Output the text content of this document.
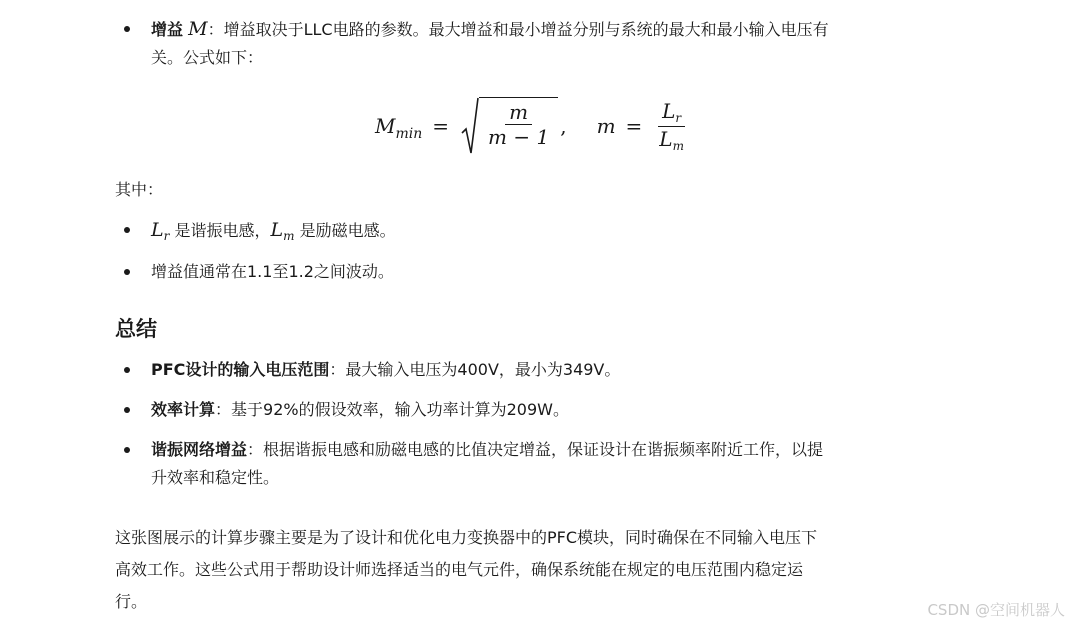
增益 M：增益取决于LLC电路的参数。最大增益和最小增益分别与系统的最大和最小输入电压有
关。公式如下：
$M_{min} = \frac{m}{m - 1}$ , $m = \frac{L_r}{L_m}$
其中：
$L_r$ 是谐振电感，$L_m$ 是励磁电感。
增益值通常在1.1至1.2之间波动。
总结
PFC设计的输入电压范围：最大输入电压为400V，最小为349V。
效率计算：基于92%的假设效率，输入功率计算为209W。
谐振网络增益：根据谐振电感和励磁电感的比值决定增益，保证设计在谐振频率附近工作，以提
升效率和稳定性。

这张图展示的计算步骤主要是为了设计和优化电力变换器中的PFC模块，同时确保在不同输入电压下
高效工作。这些公式用于帮助设计师选择适当的电气元件，确保系统能在规定的电压范围内稳定运
行。	CSDN @空间机器人
